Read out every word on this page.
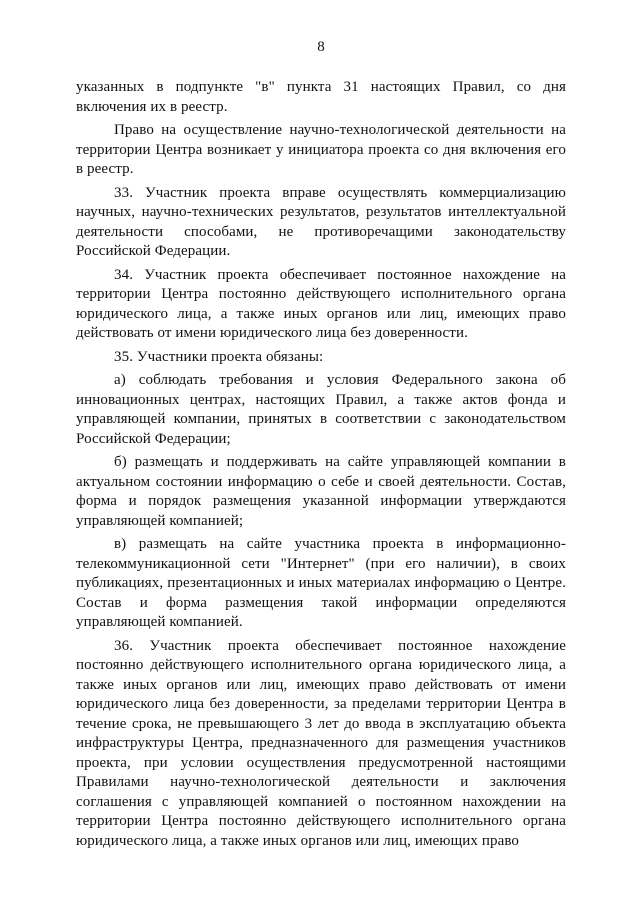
8

указанных в подпункте "в" пункта 31 настоящих Правил, со дня включения их в реестр.

Право на осуществление научно-технологической деятельности на территории Центра возникает у инициатора проекта со дня включения его в реестр.

33. Участник проекта вправе осуществлять коммерциализацию научных, научно-технических результатов, результатов интеллектуальной деятельности способами, не противоречащими законодательству Российской Федерации.

34. Участник проекта обеспечивает постоянное нахождение на территории Центра постоянно действующего исполнительного органа юридического лица, а также иных органов или лиц, имеющих право действовать от имени юридического лица без доверенности.

35. Участники проекта обязаны:

а) соблюдать требования и условия Федерального закона об инновационных центрах, настоящих Правил, а также актов фонда и управляющей компании, принятых в соответствии с законодательством Российской Федерации;

б) размещать и поддерживать на сайте управляющей компании в актуальном состоянии информацию о себе и своей деятельности. Состав, форма и порядок размещения указанной информации утверждаются управляющей компанией;

в) размещать на сайте участника проекта в информационно-телекоммуникационной сети "Интернет" (при его наличии), в своих публикациях, презентационных и иных материалах информацию о Центре. Состав и форма размещения такой информации определяются управляющей компанией.

36. Участник проекта обеспечивает постоянное нахождение постоянно действующего исполнительного органа юридического лица, а также иных органов или лиц, имеющих право действовать от имени юридического лица без доверенности, за пределами территории Центра в течение срока, не превышающего 3 лет до ввода в эксплуатацию объекта инфраструктуры Центра, предназначенного для размещения участников проекта, при условии осуществления предусмотренной настоящими Правилами научно-технологической деятельности и заключения соглашения с управляющей компанией о постоянном нахождении на территории Центра постоянно действующего исполнительного органа юридического лица, а также иных органов или лиц, имеющих право
